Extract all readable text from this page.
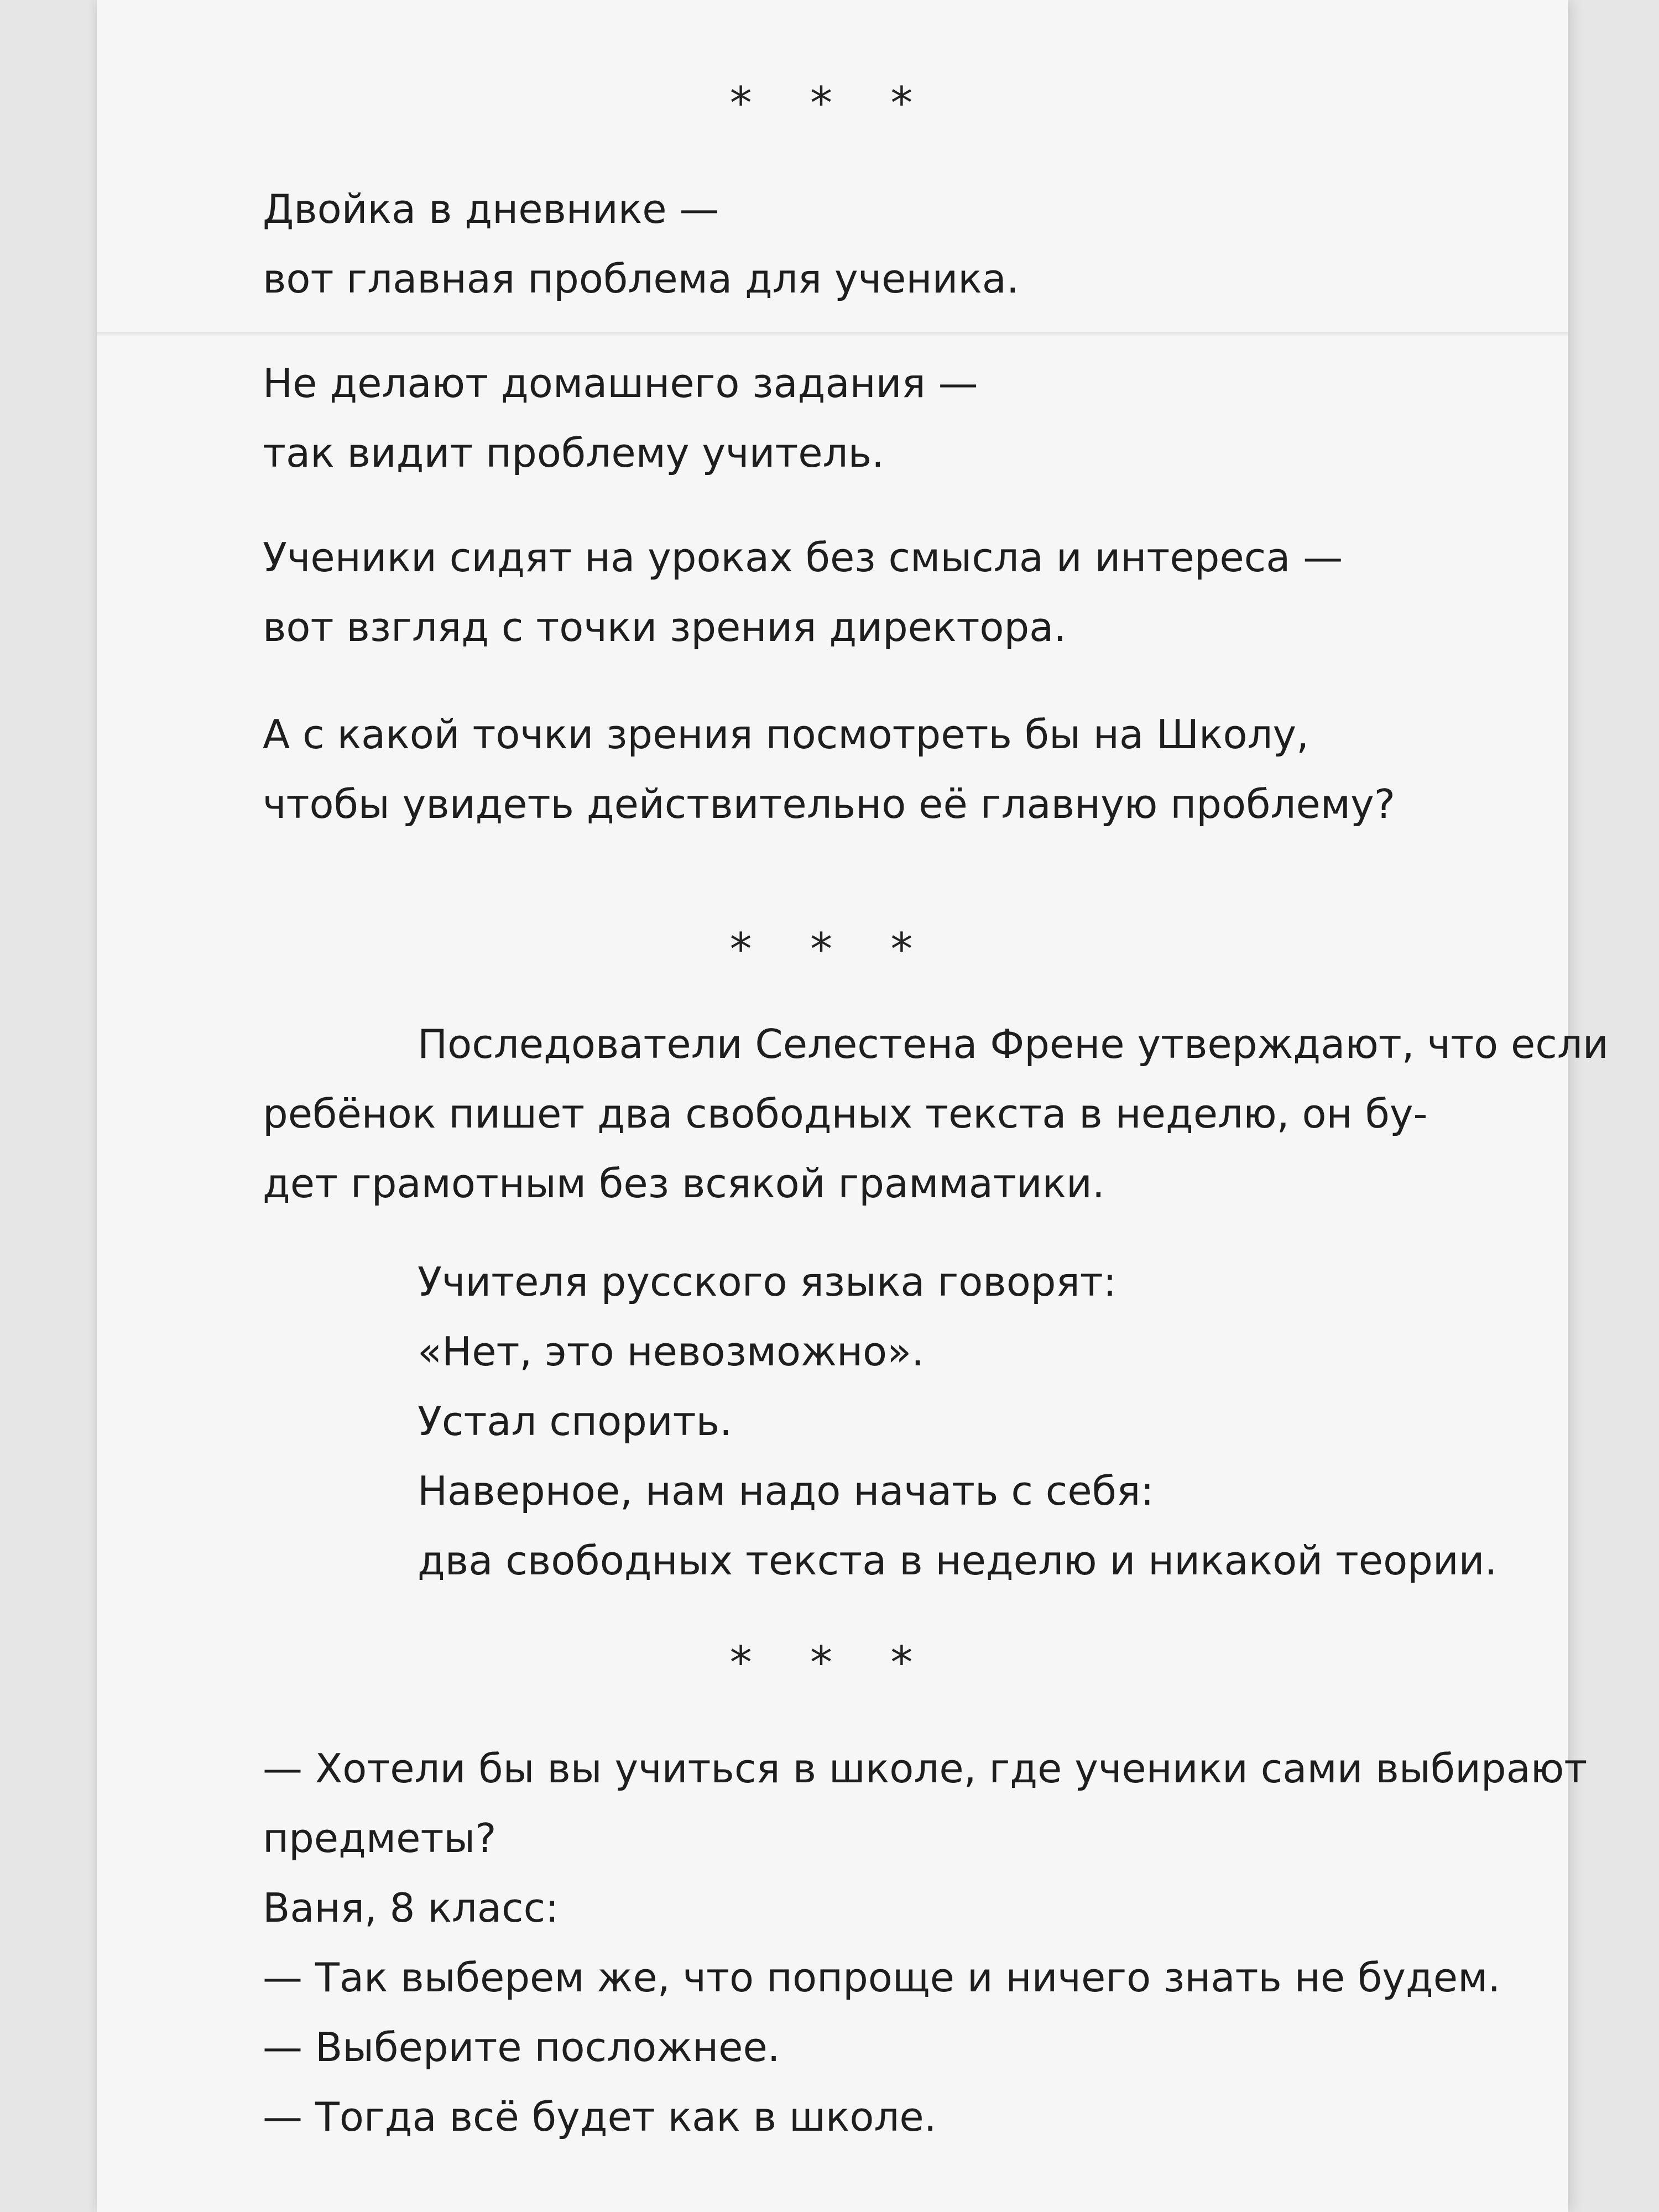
* * *

Двойка в дневнике —

вот главная проблема для ученика.

Не делают домашнего задания —

так видит проблему учитель.

Ученики сидят на уроках без смысла и интереса —

вот взгляд с точки зрения директора.

А с какой точки зрения посмотреть бы на Школу,

чтобы увидеть действительно её главную проблему?

* * *

Последователи Селестена Френе утверждают, что если

ребёнок пишет два свободных текста в неделю, он бу-

дет грамотным без всякой грамматики.

Учителя русского языка говорят:

«Нет, это невозможно».

Устал спорить.

Наверное, нам надо начать с себя:

два свободных текста в неделю и никакой теории.

* * *

— Хотели бы вы учиться в школе, где ученики сами выбирают

предметы?

Ваня, 8 класс:

— Так выберем же, что попроще и ничего знать не будем.

— Выберите посложнее.

— Тогда всё будет как в школе.
